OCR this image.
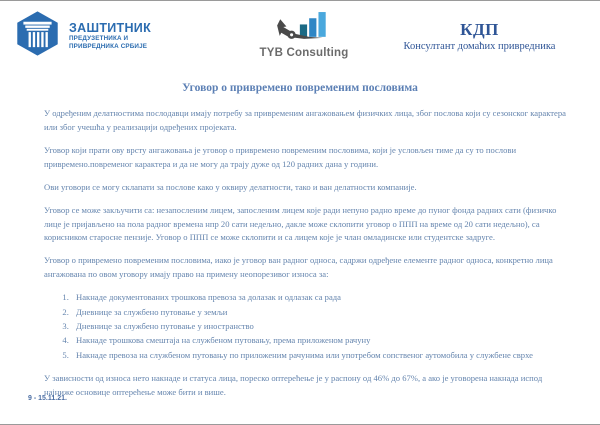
ЗАШТИТНИК
ПРЕДУЗЕТНИКА И
ПРИВРЕДНИКА СРБИЈЕ
TYB Consulting
КДП
Консултант домаћих привредника
Уговор о привремено повременим пословима

У одређеним делатностима послодавци имају потребу за привременим ангажовањем физичких лица, због послова који су сезонског карактера или због учешћа у реализацији одређених пројеката.

Уговор који прати ову врсту ангажовања је уговор о привремено повременим пословима, који је условљен тиме да су то послови привремено.повременог карактера и да не могу да трају дуже од 120 радних дана у години.

Ови уговори се могу склапати за послове како у оквиру делатности, тако и ван делатности компаније.

Уговор се може закључити са: незапосленим лицем, запосленим лицем које ради непуно радно време до пуног фонда радних сати (физичко лице је пријављено на пола радног времена нпр 20 сати недељно, дакле може склопити уговор о ППП на време од 20 сати недељно), са корисником старосне пензије. Уговор о ППП се може склопити и са лицем које је члан омладинске или студентске задруге.

Уговор о привремено повременим пословима, иако је уговор ван радног односа, садржи одређене елементе радног односа, конкретно лица ангажована по овом уговору имају право на примену неопорезивог износа за:

1. Накнаде документованих трошкова превоза за долазак и одлазак са рада
2. Дневнице за службено путовање у земљи
3. Дневнице за службено путовање у иностранство
4. Накнаде трошкова смештаја на службеном путовању, према приложеном рачуну
5. Накнаде превоза на службеном путовању по приложеним рачунима или употребом сопственог аутомобила у службене сврхе

У зависности од износа нето накнаде и статуса лица, пореско оптерећење је у распону од 46% до 67%, а ако је уговорена накнада испод најниже основице оптерећење може бити и више.

9 - 15.11.21.
